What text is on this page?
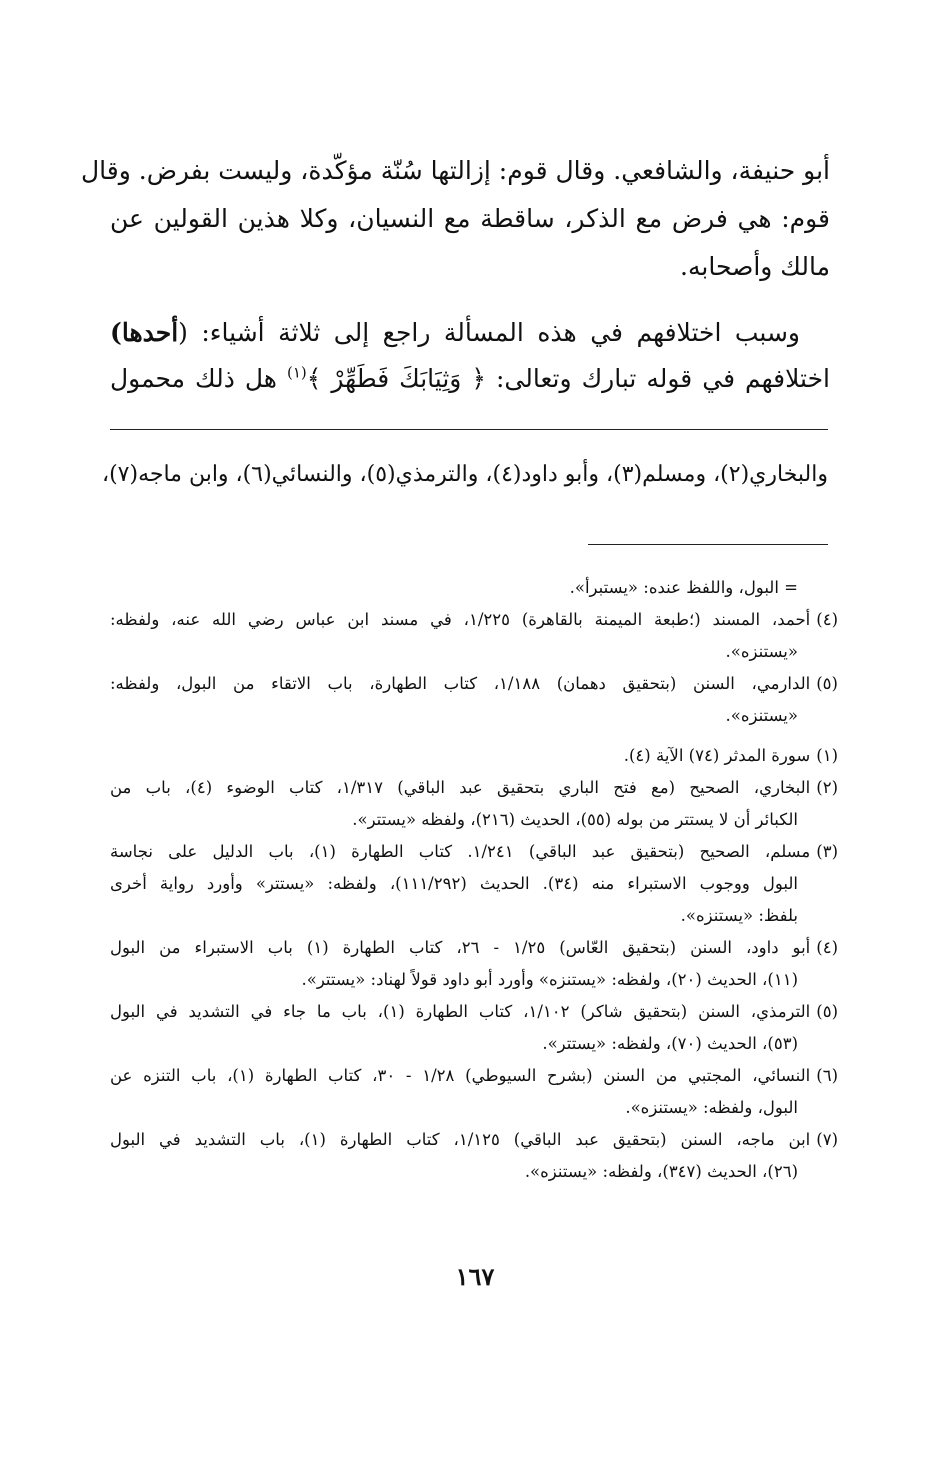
أبو حنيفة، والشافعي. وقال قوم: إزالتها سُنّة مؤكّدة، وليست بفرض. وقال
قوم: هي فرض مع الذكر، ساقطة مع النسيان، وكلا هذين القولين عن
مالك وأصحابه.
وسبب اختلافهم في هذه المسألة راجع إلى ثلاثة أشياء: (أحدها)
اختلافهم في قوله تبارك وتعالى: ﴿ وَثِيَابَكَ فَطَهِّرْ ﴾$^{(١)}$ هل ذلك محمول
والبخاري(٢)، ومسلم(٣)، وأبو داود(٤)، والترمذي(٥)، والنسائي(٦)، وابن ماجه(٧)،
= البول، واللفظ عنده: «يستبرأ».
(٤)أحمد، المسند (؛طبعة الميمنة بالقاهرة) ١/٢٢٥، في مسند ابن عباس رضي الله عنه، ولفظه:
«يستنزه».
(٥)الدارمي، السنن (بتحقيق دهمان) ١/١٨٨، كتاب الطهارة، باب الاتقاء من البول، ولفظه:
«يستنزه».
(١)سورة المدثر (٧٤) الآية (٤).
(٢)البخاري، الصحيح (مع فتح الباري بتحقيق عبد الباقي) ١/٣١٧، كتاب الوضوء (٤)، باب من
الكبائر أن لا يستتر من بوله (٥٥)، الحديث (٢١٦)، ولفظه «يستتر».
(٣)مسلم، الصحيح (بتحقيق عبد الباقي) ١/٢٤١. كتاب الطهارة (١)، باب الدليل على نجاسة
البول ووجوب الاستبراء منه (٣٤). الحديث (١١١/٢٩٢)، ولفظه: «يستتر» وأورد رواية أخرى
بلفظ: «يستنزه».
(٤)أبو داود، السنن (بتحقيق العّاس) ١/٢٥ - ٢٦، كتاب الطهارة (١) باب الاستبراء من البول
(١١)، الحديث (٢٠)، ولفظه: «يستنزه» وأورد أبو داود قولاً لهناد: «يستتر».
(٥)الترمذي، السنن (بتحقيق شاكر) ١/١٠٢، كتاب الطهارة (١)، باب ما جاء في التشديد في البول
(٥٣)، الحديث (٧٠)، ولفظه: «يستتر».
(٦)النسائي، المجتبي من السنن (بشرح السيوطي) ١/٢٨ - ٣٠، كتاب الطهارة (١)، باب التنزه عن
البول، ولفظه: «يستنزه».
(٧)ابن ماجه، السنن (بتحقيق عبد الباقي) ١/١٢٥، كتاب الطهارة (١)، باب التشديد في البول
(٢٦)، الحديث (٣٤٧)، ولفظه: «يستنزه».
١٦٧
